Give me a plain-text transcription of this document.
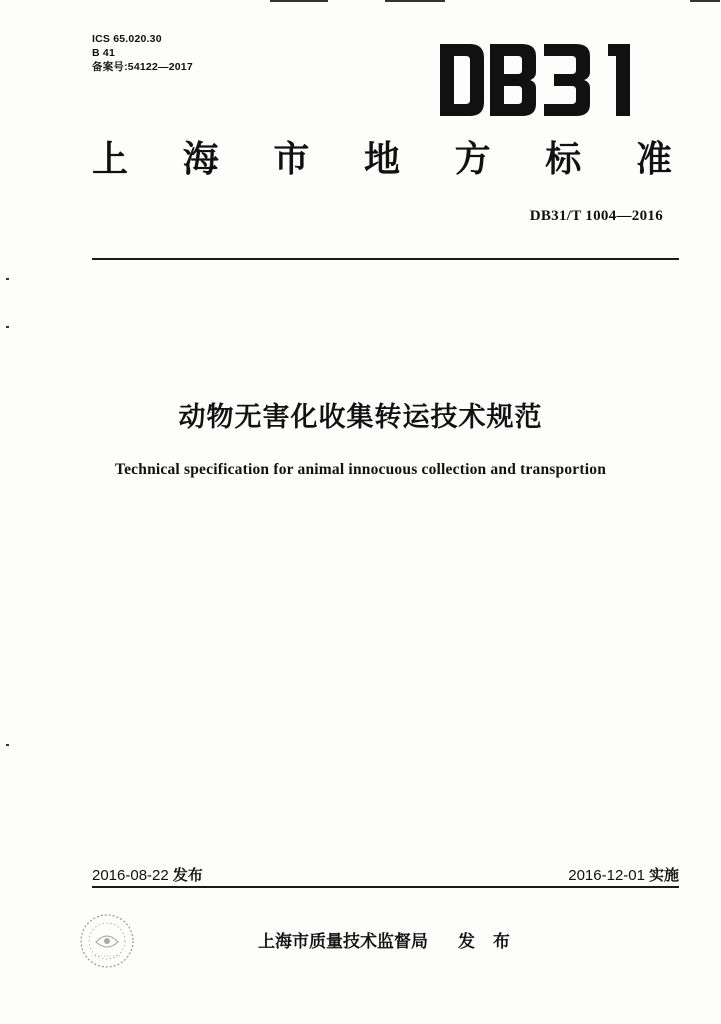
ICS 65.020.30
B 41
备案号:54122—2017
上 海 市 地 方 标 准
DB31/T 1004—2016
动物无害化收集转运技术规范
Technical specification for animal innocuous collection and transportion
2016-08-22 发布	2016-12-01 实施
上海市质量技术监督局 发 布
